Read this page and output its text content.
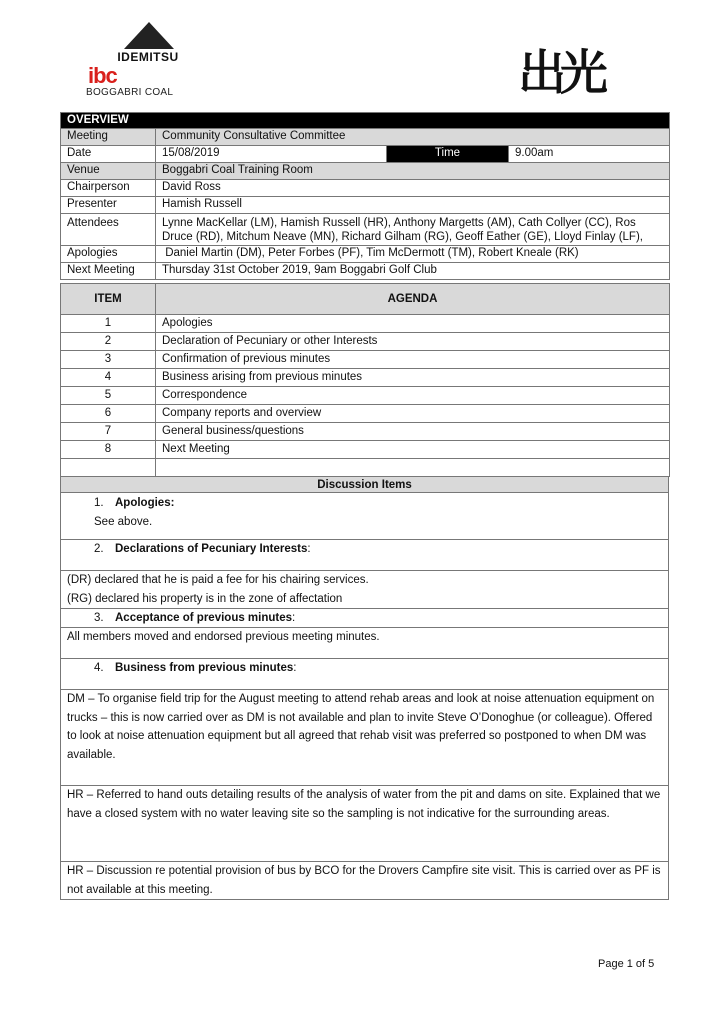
IDEMITSU
ibc
BOGGABRI COAL	出光
OVERVIEW			
Meeting	Community Consultative Committee		
Date	15/08/2019	Time	9.00am
Venue	Boggabri Coal Training Room		
Chairperson	David Ross		
Presenter	Hamish Russell		
Attendees	Lynne MacKellar (LM), Hamish Russell (HR), Anthony Margetts (AM), Cath Collyer (CC), Ros Druce (RD), Mitchum Neave (MN), Richard Gilham (RG), Geoff Eather (GE), Lloyd Finlay (LF),		
Apologies	Daniel Martin (DM), Peter Forbes (PF), Tim McDermott (TM), Robert Kneale (RK)		
Next Meeting	Thursday 31st October 2019, 9am Boggabri Golf Club		
ITEM	AGENDA
1	Apologies
2	Declaration of Pecuniary or other Interests
3	Confirmation of previous minutes
4	Business arising from previous minutes
5	Correspondence
6	Company reports and overview
7	General business/questions
8	Next Meeting

Discussion Items
1. Apologies:
See above.
2. Declarations of Pecuniary Interests:
(DR) declared that he is paid a fee for his chairing services.
(RG) declared his property is in the zone of affectation
3. Acceptance of previous minutes:
All members moved and endorsed previous meeting minutes.
4. Business from previous minutes:
DM – To organise field trip for the August meeting to attend rehab areas and look at noise attenuation equipment on trucks – this is now carried over as DM is not available and plan to invite Steve O’Donoghue (or colleague). Offered to look at noise attenuation equipment but all agreed that rehab visit was preferred so postponed to when DM was available.
HR – Referred to hand outs detailing results of the analysis of water from the pit and dams on site. Explained that we have a closed system with no water leaving site so the sampling is not indicative for the surrounding areas.
HR – Discussion re potential provision of bus by BCO for the Drovers Campfire site visit. This is carried over as PF is not available at this meeting.
Page 1 of 5
